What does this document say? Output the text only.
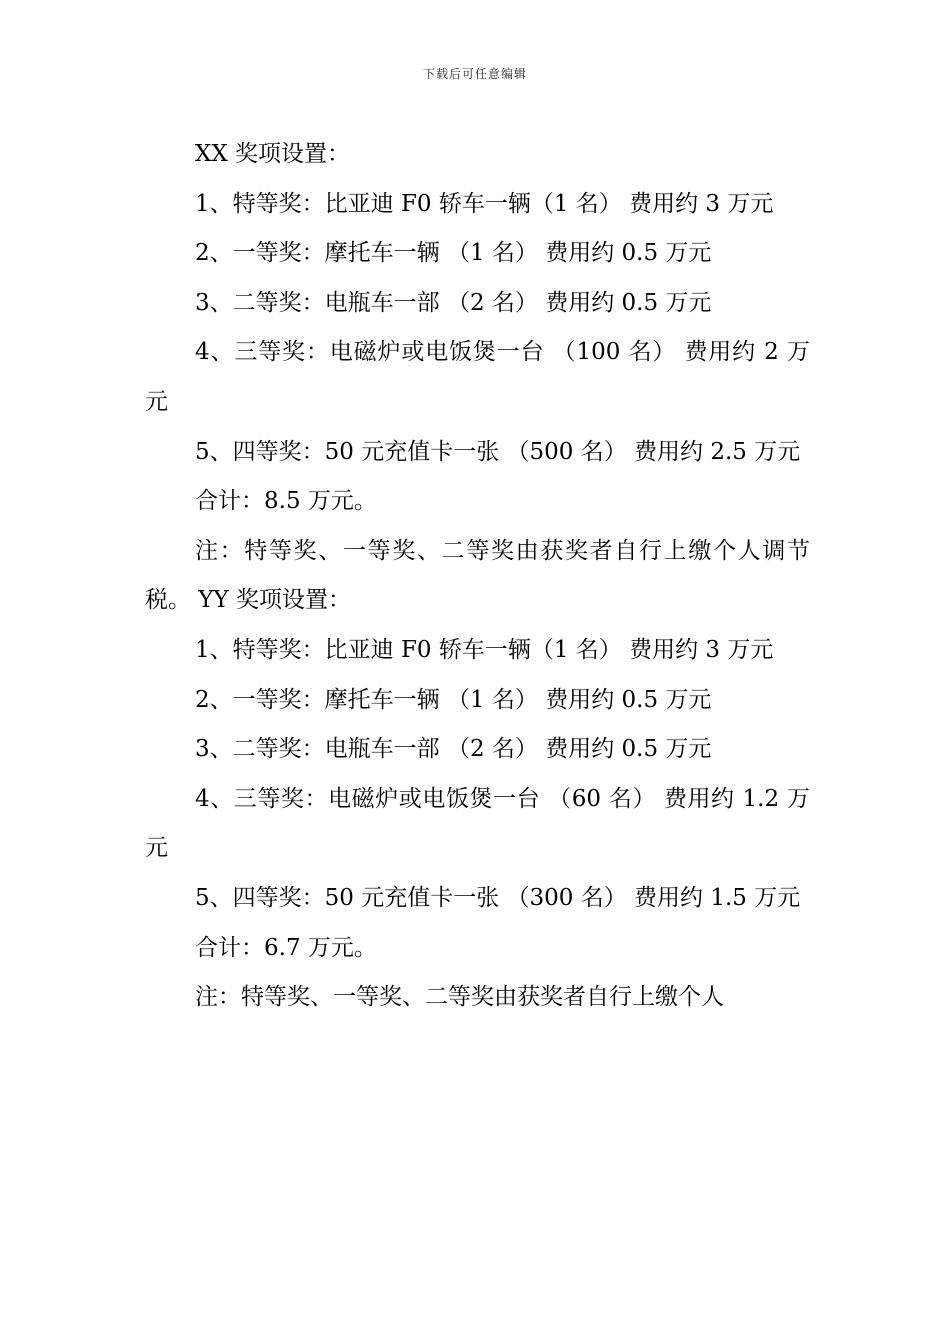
下载后可任意编辑

XX 奖项设置：

1、特等奖：比亚迪 F0 轿车一辆（1 名） 费用约 3 万元

2、一等奖：摩托车一辆 （1 名） 费用约 0.5 万元

3、二等奖：电瓶车一部 （2 名） 费用约 0.5 万元

4、三等奖：电磁炉或电饭煲一台 （100 名） 费用约 2 万元

5、四等奖：50 元充值卡一张 （500 名） 费用约 2.5 万元

合计：8.5 万元。

注：特等奖、一等奖、二等奖由获奖者自行上缴个人调节税。 YY 奖项设置：

1、特等奖：比亚迪 F0 轿车一辆（1 名） 费用约 3 万元

2、一等奖：摩托车一辆 （1 名） 费用约 0.5 万元

3、二等奖：电瓶车一部 （2 名） 费用约 0.5 万元

4、三等奖：电磁炉或电饭煲一台 （60 名） 费用约 1.2 万元

5、四等奖：50 元充值卡一张 （300 名） 费用约 1.5 万元

合计：6.7 万元。

注：特等奖、一等奖、二等奖由获奖者自行上缴个人
